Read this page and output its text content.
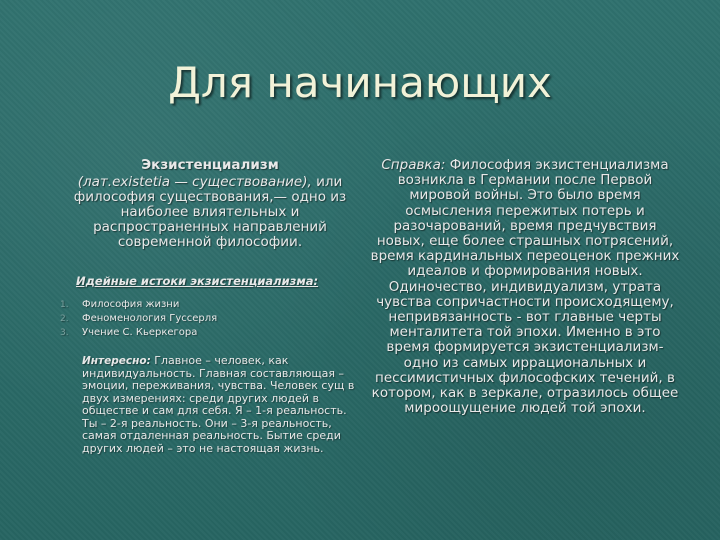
Для начинающих

Экзистенциализм

(лат.existetia — существование), или философия существования,— одно из наиболее влиятельных и распространенных направлений современной философии.

Идейные истоки экзистенциализма:

1. Философия жизни
2. Феноменология Гуссерля
3. Учение С. Кьеркегора
Интересно: Главное – человек, как индивидуальность. Главная составляющая – эмоции, переживания, чувства. Человек сущ в двух измерениях: среди других людей в обществе и сам для себя. Я – 1-я реальность. Ты – 2-я реальность. Они – 3-я реальность, самая отдаленная реальность. Бытие среди других людей – это не настоящая жизнь.
Справка: Философия экзистенциализма возникла в Германии после Первой мировой войны. Это было время осмысления пережитых потерь и разочарований, время предчувствия новых, еще более страшных потрясений, время кардинальных переоценок прежних идеалов и формирования новых. Одиночество, индивидуализм, утрата чувства сопричастности происходящему, непривязанность - вот главные черты менталитета той эпохи. Именно в это время формируется экзистенциализм- одно из самых иррациональных и пессимистичных философских течений, в котором, как в зеркале, отразилось общее мироощущение людей той эпохи.
